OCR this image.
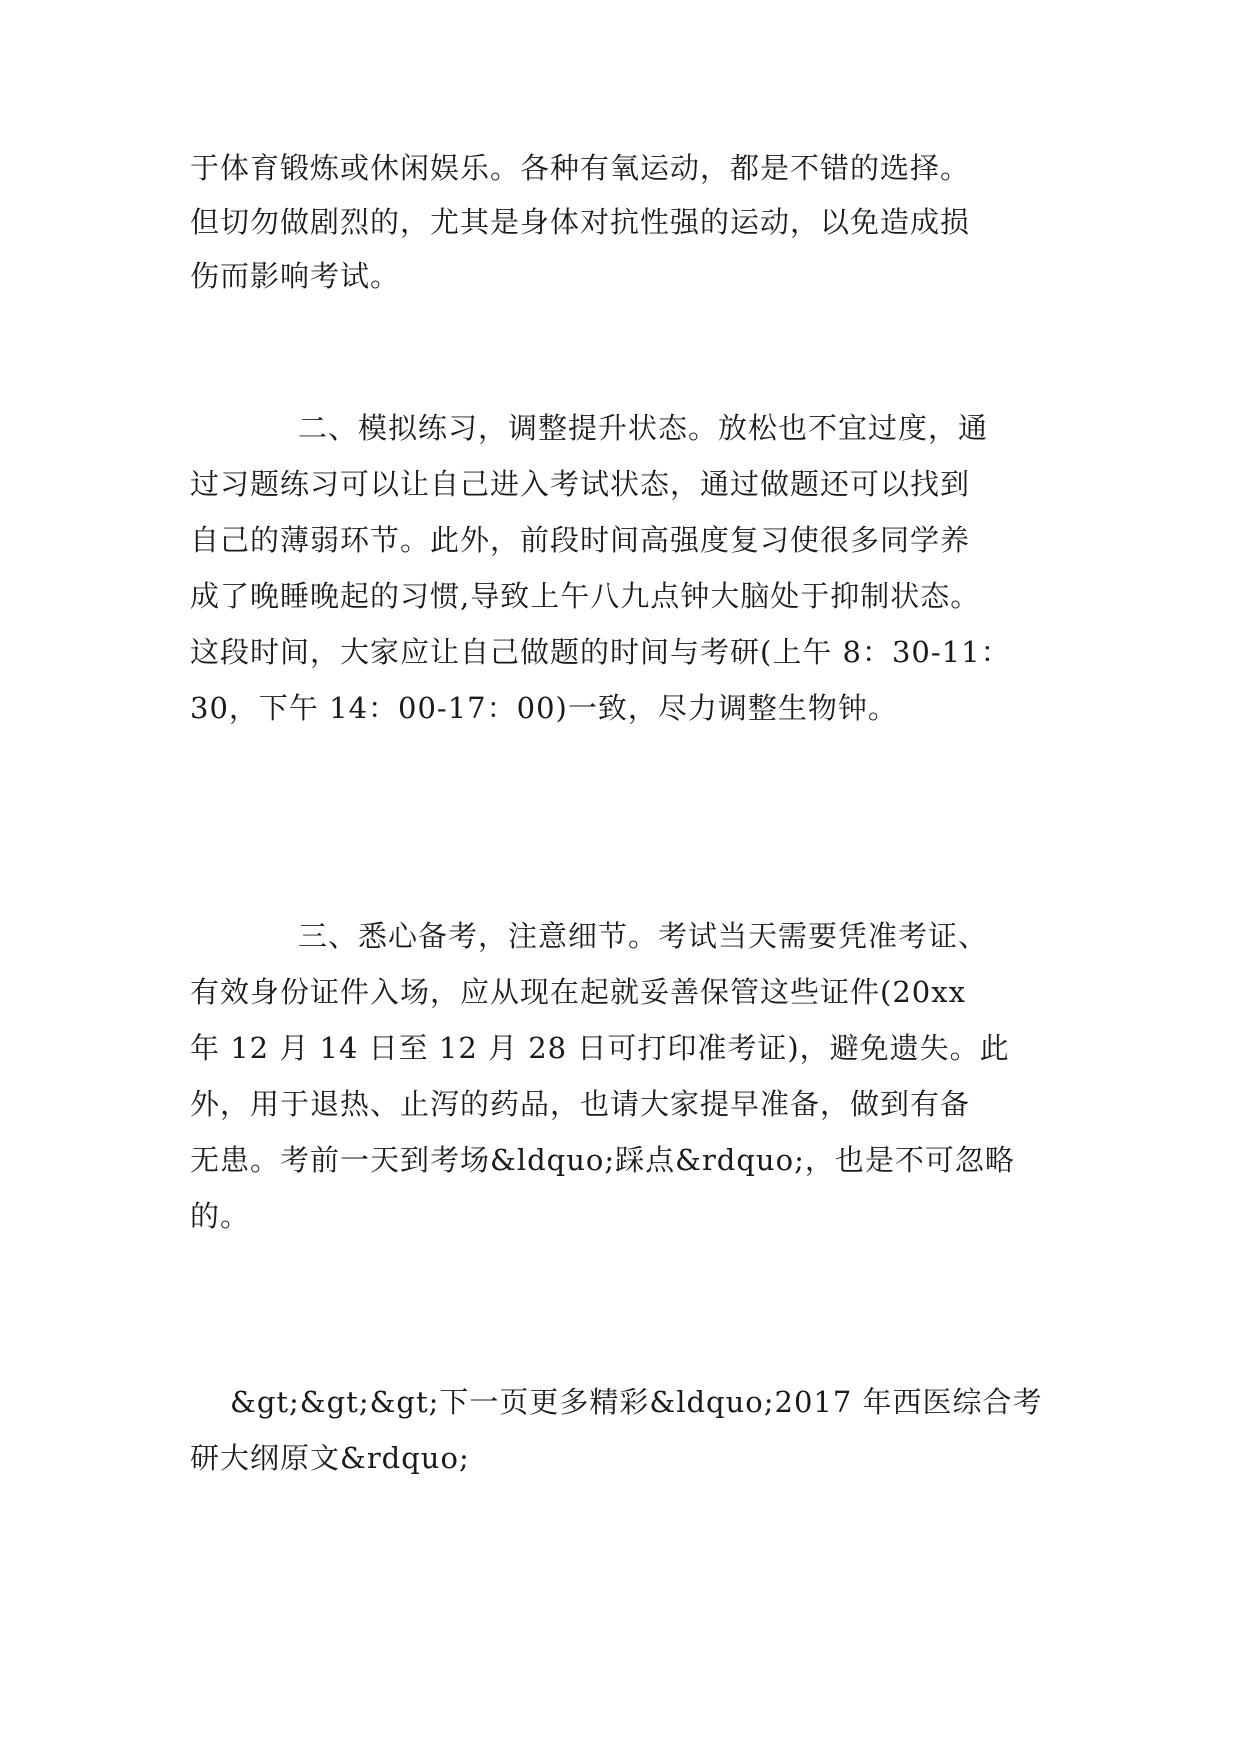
于体育锻炼或休闲娱乐。各种有氧运动，都是不错的选择。
但切勿做剧烈的，尤其是身体对抗性强的运动，以免造成损
伤而影响考试。
二、模拟练习，调整提升状态。放松也不宜过度，通
过习题练习可以让自己进入考试状态，通过做题还可以找到
自己的薄弱环节。此外，前段时间高强度复习使很多同学养
成了晚睡晚起的习惯,导致上午八九点钟大脑处于抑制状态。
这段时间，大家应让自己做题的时间与考研(上午 8：30-11：
30，下午 14：00-17：00)一致，尽力调整生物钟。
三、悉心备考，注意细节。考试当天需要凭准考证、
有效身份证件入场，应从现在起就妥善保管这些证件(20xx
年 12 月 14 日至 12 月 28 日可打印准考证)，避免遗失。此
外，用于退热、止泻的药品，也请大家提早准备，做到有备
无患。考前一天到考场&ldquo;踩点&rdquo;，也是不可忽略
的。
&gt;&gt;&gt;下一页更多精彩&ldquo;2017 年西医综合考
研大纲原文&rdquo;
